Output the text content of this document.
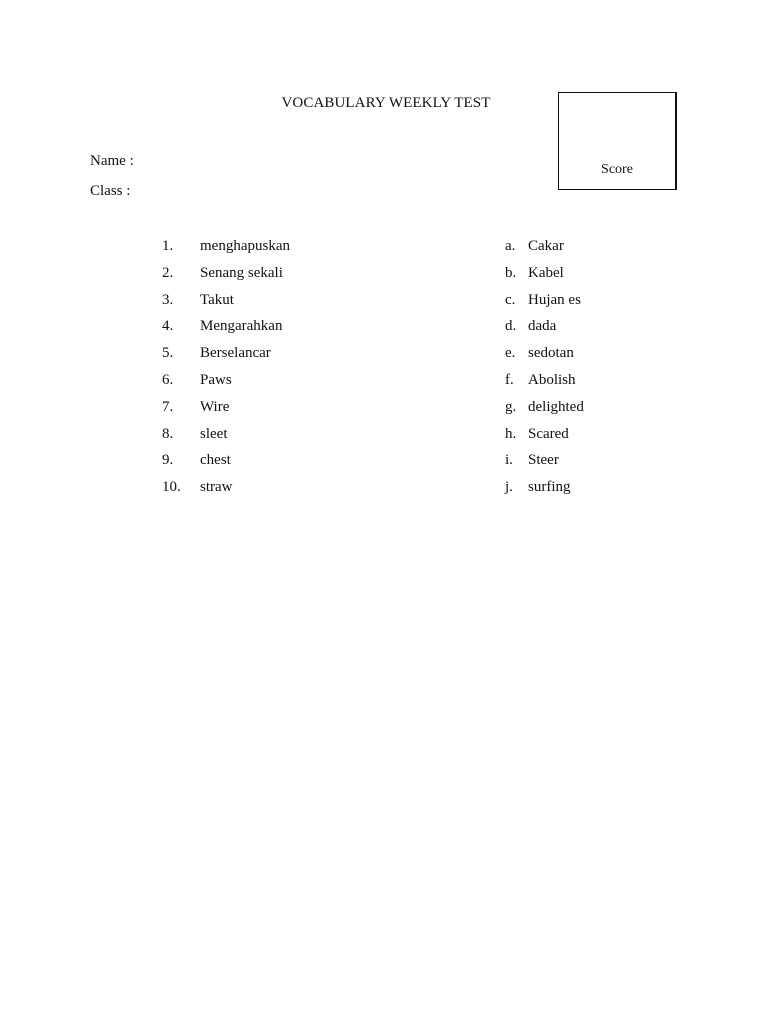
VOCABULARY WEEKLY TEST
Score
Name :
Class :
1. menghapuskan
2. Senang sekali
3. Takut
4. Mengarahkan
5. Berselancar
6. Paws
7. Wire
8. sleet
9. chest
10. straw
a. Cakar
b. Kabel
c. Hujan es
d. dada
e. sedotan
f. Abolish
g. delighted
h. Scared
i. Steer
j. surfing
